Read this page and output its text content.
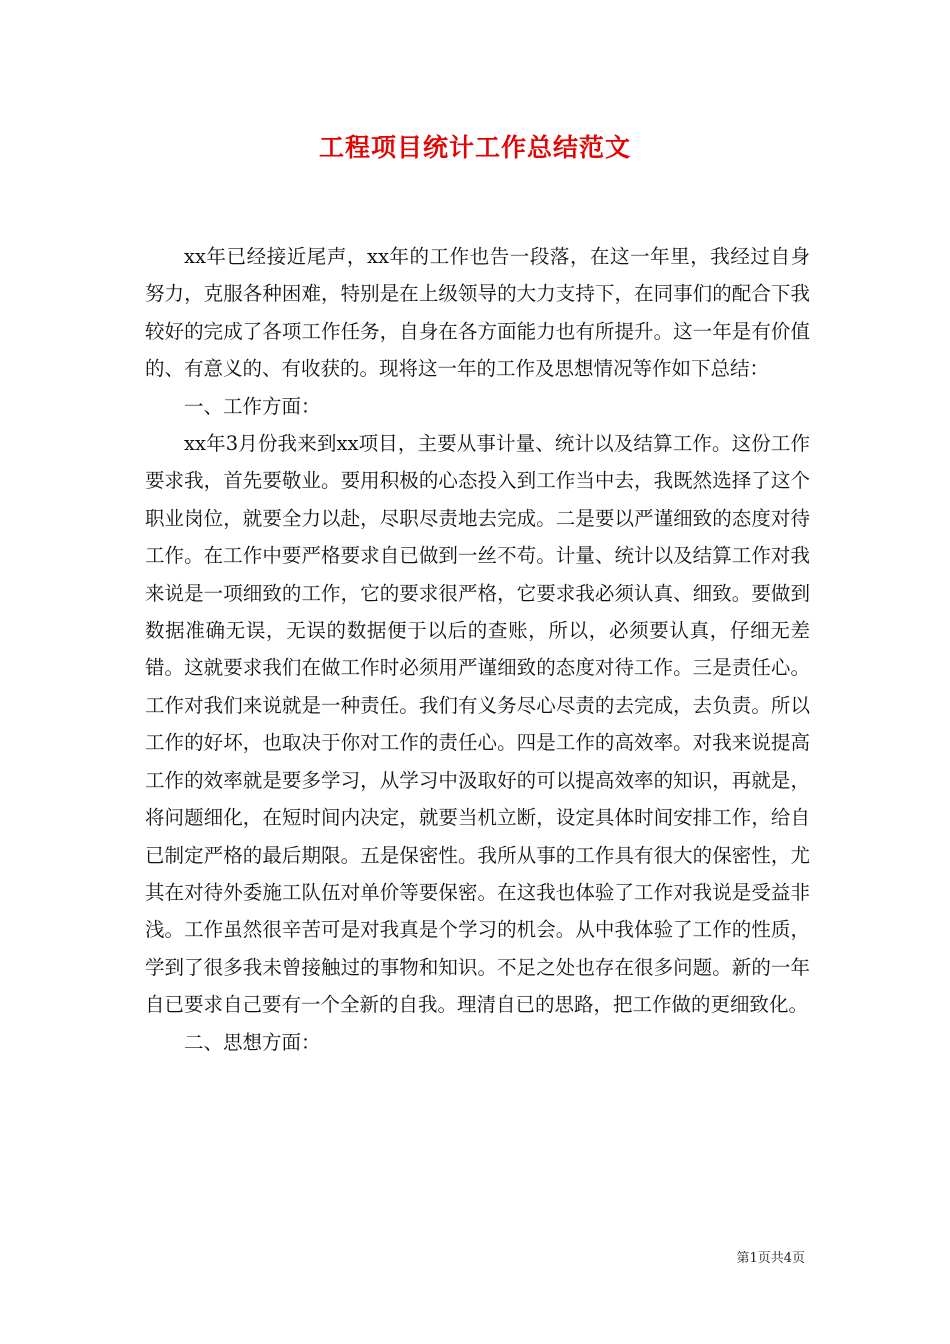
工程项目统计工作总结范文

xx年已经接近尾声，xx年的工作也告一段落，在这一年里，我经过自身努力，克服各种困难，特别是在上级领导的大力支持下，在同事们的配合下我较好的完成了各项工作任务，自身在各方面能力也有所提升。这一年是有价值的、有意义的、有收获的。现将这一年的工作及思想情况等作如下总结：

一、工作方面：

xx年3月份我来到xx项目，主要从事计量、统计以及结算工作。这份工作要求我，首先要敬业。要用积极的心态投入到工作当中去，我既然选择了这个职业岗位，就要全力以赴，尽职尽责地去完成。二是要以严谨细致的态度对待工作。在工作中要严格要求自已做到一丝不苟。计量、统计以及结算工作对我来说是一项细致的工作，它的要求很严格，它要求我必须认真、细致。要做到数据准确无误，无误的数据便于以后的查账，所以，必须要认真，仔细无差错。这就要求我们在做工作时必须用严谨细致的态度对待工作。三是责任心。工作对我们来说就是一种责任。我们有义务尽心尽责的去完成，去负责。所以工作的好坏，也取决于你对工作的责任心。四是工作的高效率。对我来说提高工作的效率就是要多学习，从学习中汲取好的可以提高效率的知识，再就是，将问题细化，在短时间内决定，就要当机立断，设定具体时间安排工作，给自已制定严格的最后期限。五是保密性。我所从事的工作具有很大的保密性，尤其在对待外委施工队伍对单价等要保密。在这我也体验了工作对我说是受益非浅。工作虽然很辛苦可是对我真是个学习的机会。从中我体验了工作的性质，学到了很多我未曾接触过的事物和知识。不足之处也存在很多问题。新的一年自已要求自己要有一个全新的自我。理清自已的思路，把工作做的更细致化。

二、思想方面：

第1页共4页
